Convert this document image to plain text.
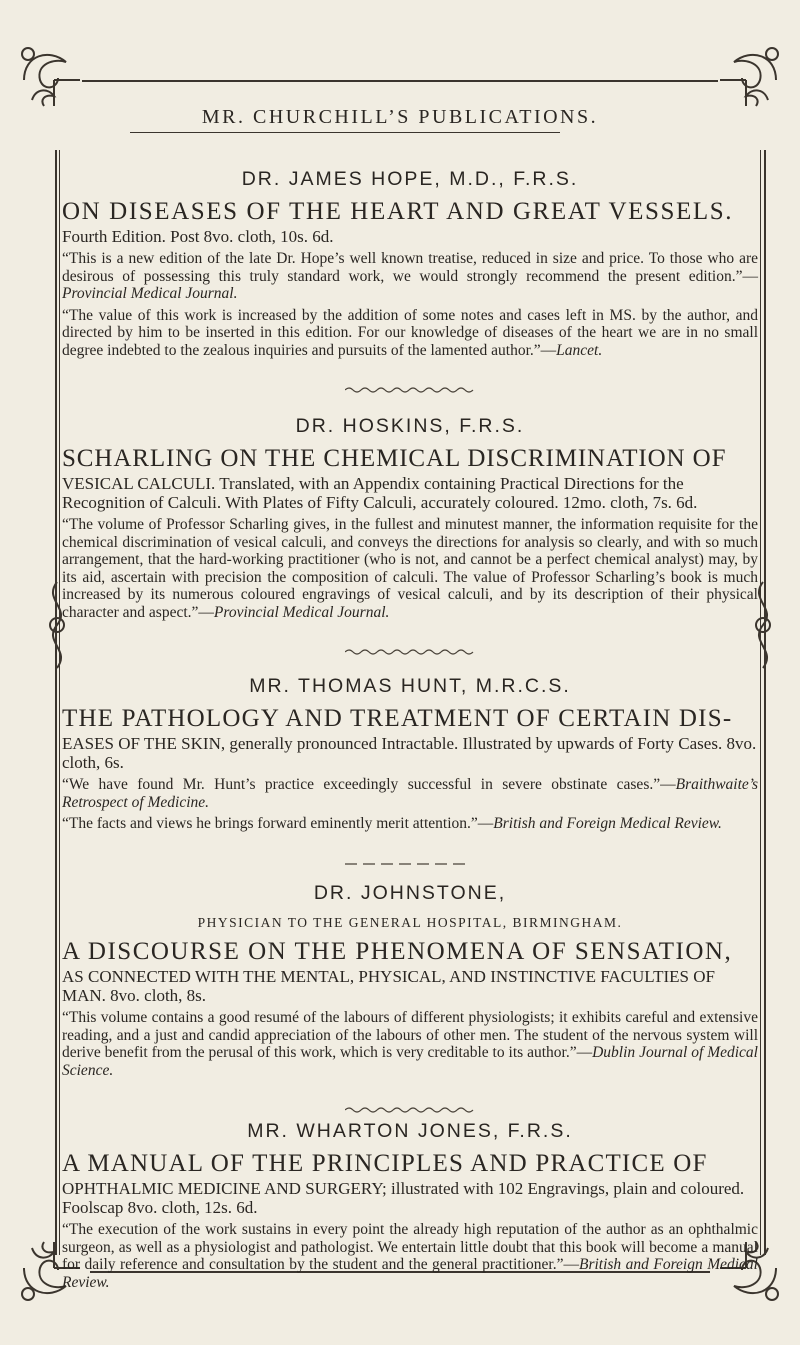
MR. CHURCHILL’S PUBLICATIONS.

DR. JAMES HOPE, M.D., F.R.S.

ON DISEASES OF THE HEART AND GREAT VESSELS.

Fourth Edition. Post 8vo. cloth, 10s. 6d.

“This is a new edition of the late Dr. Hope’s well known treatise, reduced in size and price. To those who are desirous of possessing this truly standard work, we would strongly recommend the present edition.”—Provincial Medical Journal.

“The value of this work is increased by the addition of some notes and cases left in MS. by the author, and directed by him to be inserted in this edition. For our knowledge of diseases of the heart we are in no small degree indebted to the zealous inquiries and pursuits of the lamented author.”—Lancet.

DR. HOSKINS, F.R.S.

SCHARLING ON THE CHEMICAL DISCRIMINATION OF

VESICAL CALCULI. Translated, with an Appendix containing Practical Directions for the Recognition of Calculi. With Plates of Fifty Calculi, accurately coloured. 12mo. cloth, 7s. 6d.

“The volume of Professor Scharling gives, in the fullest and minutest manner, the information requisite for the chemical discrimination of vesical calculi, and conveys the directions for analysis so clearly, and with so much arrangement, that the hard-working practitioner (who is not, and cannot be a perfect chemical analyst) may, by its aid, ascertain with precision the composition of calculi. The value of Professor Scharling’s book is much increased by its numerous coloured engravings of vesical calculi, and by its description of their physical character and aspect.”—Provincial Medical Journal.

MR. THOMAS HUNT, M.R.C.S.

THE PATHOLOGY AND TREATMENT OF CERTAIN DIS-

EASES OF THE SKIN, generally pronounced Intractable. Illustrated by upwards of Forty Cases. 8vo. cloth, 6s.

“We have found Mr. Hunt’s practice exceedingly successful in severe obstinate cases.”—Braithwaite’s Retrospect of Medicine.

“The facts and views he brings forward eminently merit attention.”—British and Foreign Medical Review.

DR. JOHNSTONE,

PHYSICIAN TO THE GENERAL HOSPITAL, BIRMINGHAM.

A DISCOURSE ON THE PHENOMENA OF SENSATION,

AS CONNECTED WITH THE MENTAL, PHYSICAL, AND INSTINCTIVE FACULTIES OF MAN. 8vo. cloth, 8s.

“This volume contains a good resumé of the labours of different physiologists; it exhibits careful and extensive reading, and a just and candid appreciation of the labours of other men. The student of the nervous system will derive benefit from the perusal of this work, which is very creditable to its author.”—Dublin Journal of Medical Science.

MR. WHARTON JONES, F.R.S.

A MANUAL OF THE PRINCIPLES AND PRACTICE OF

OPHTHALMIC MEDICINE AND SURGERY; illustrated with 102 Engravings, plain and coloured. Foolscap 8vo. cloth, 12s. 6d.

“The execution of the work sustains in every point the already high reputation of the author as an ophthalmic surgeon, as well as a physiologist and pathologist. We entertain little doubt that this book will become a manual for daily reference and consultation by the student and the general practitioner.”—British and Foreign Medical Review.
